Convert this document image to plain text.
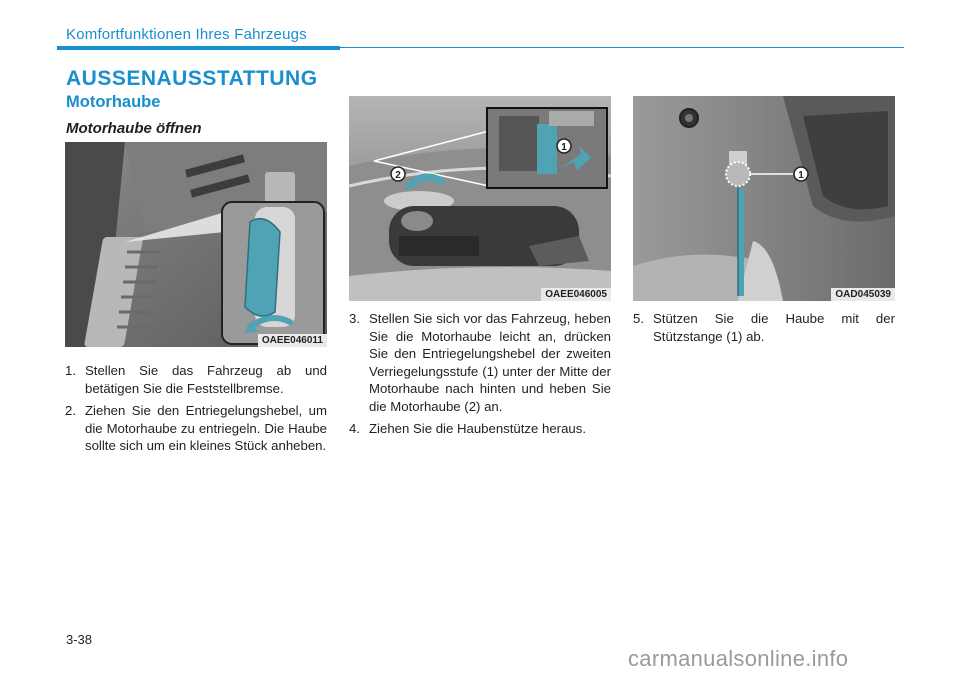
Komfortfunktionen Ihres Fahrzeugs
AUSSENAUSSTATTUNG
Motorhaube
Motorhaube öffnen
OAEE046011
1
2
OAEE046005
1
OAD045039
1. Stellen Sie das Fahrzeug ab und betätigen Sie die Feststellbremse.
2. Ziehen Sie den Entriegelungshebel, um die Motorhaube zu entriegeln. Die Haube sollte sich um ein kleines Stück anheben.
3. Stellen Sie sich vor das Fahrzeug, heben Sie die Motorhaube leicht an, drücken Sie den Entriegelungshebel der zweiten Verriegelungsstufe (1) unter der Mitte der Motorhaube nach hinten und heben Sie die Motorhaube (2) an.
4. Ziehen Sie die Haubenstütze heraus.
5. Stützen Sie die Haube mit der Stützstange (1) ab.
3-38
carmanualsonline.info
